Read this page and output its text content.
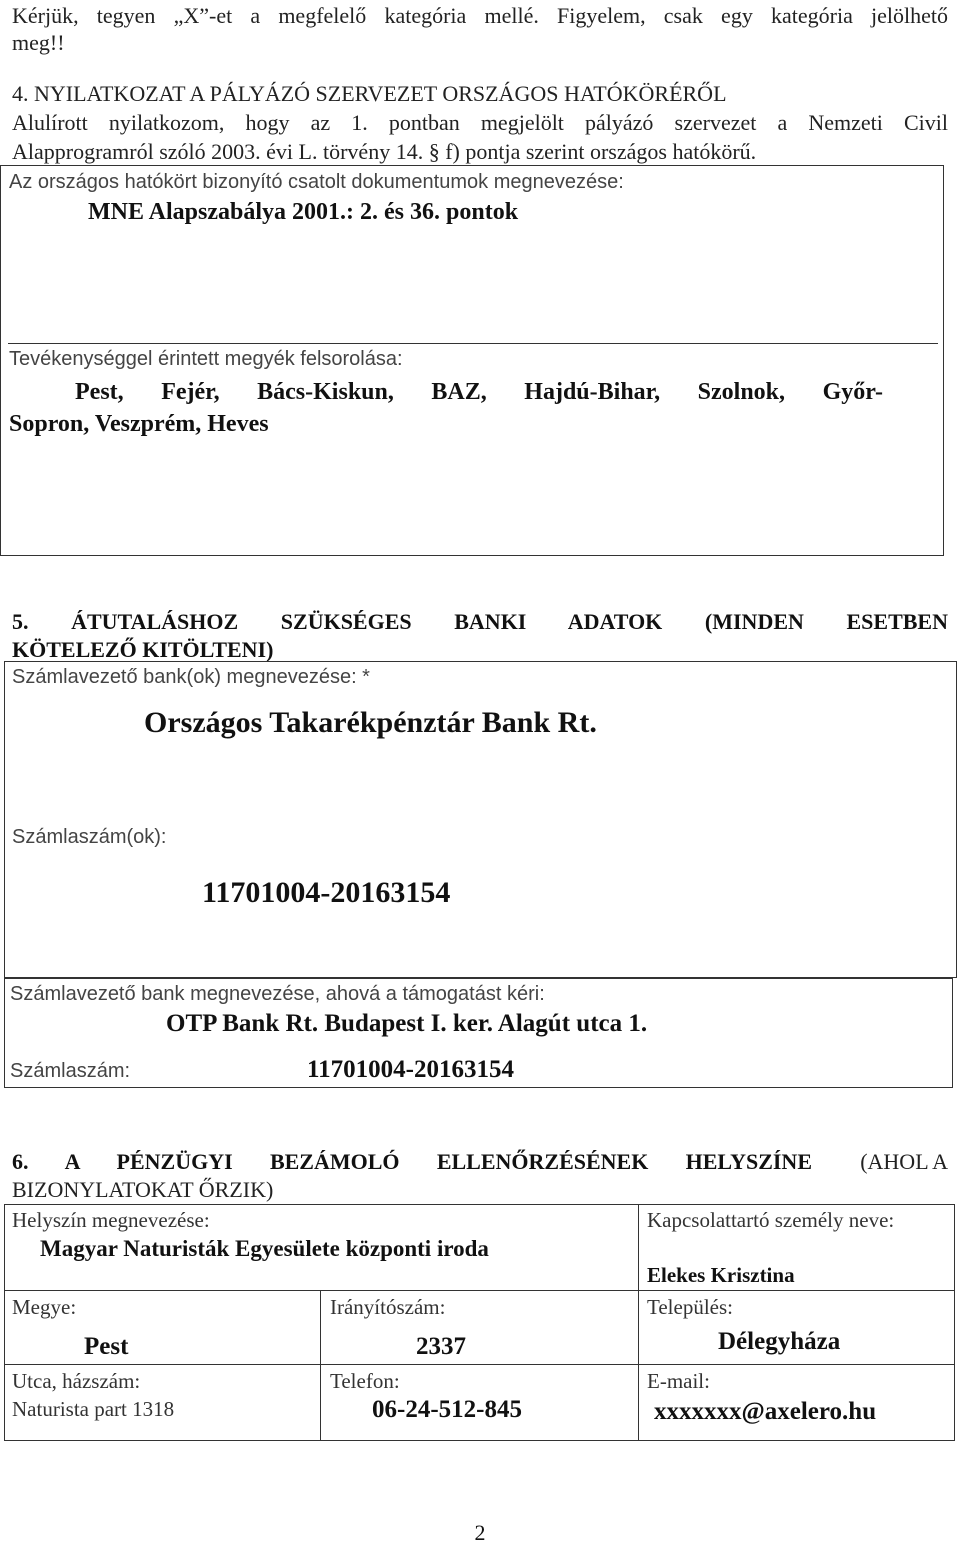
Kérjük, tegyen „X”-et a megfelelő kategória mellé. Figyelem, csak egy kategória jelölhető
meg!!
4. NYILATKOZAT A PÁLYÁZÓ SZERVEZET ORSZÁGOS HATÓKÖRÉRŐL
Alulírott nyilatkozom, hogy az 1. pontban megjelölt pályázó szervezet a Nemzeti Civil
Alapprogramról szóló 2003. évi L. törvény 14. § f) pontja szerint országos hatókörű.
Az országos hatókört bizonyító csatolt dokumentumok megnevezése:
MNE Alapszabálya 2001.: 2. és 36. pontok
Tevékenységgel érintett megyék felsorolása:
Pest, Fejér, Bács-Kiskun, BAZ, Hajdú-Bihar, Szolnok, Győr-
Sopron, Veszprém, Heves
5. ÁTUTALÁSHOZ SZÜKSÉGES BANKI ADATOK (MINDEN ESETBEN
KÖTELEZŐ KITÖLTENI)
Számlavezető bank(ok) megnevezése: *
Országos Takarékpénztár Bank Rt.
Számlaszám(ok):
11701004-20163154
Számlavezető bank megnevezése, ahová a támogatást kéri:
OTP Bank Rt. Budapest I. ker. Alagút utca 1.
Számlaszám:	11701004-20163154
6. A PÉNZÜGYI BEZÁMOLÓ ELLENŐRZÉSÉNEK HELYSZÍNE (AHOL A
BIZONYLATOKAT ŐRZIK)
Helyszín megnevezése:
Magyar Naturisták Egyesülete központi iroda
Kapcsolattartó személy neve:
Elekes Krisztina
Megye:
Pest
Irányítószám:
2337
Település:
Délegyháza
Utca, házszám:
Naturista part 1318
Telefon:
06-24-512-845
E-mail:
xxxxxxx@axelero.hu
2
